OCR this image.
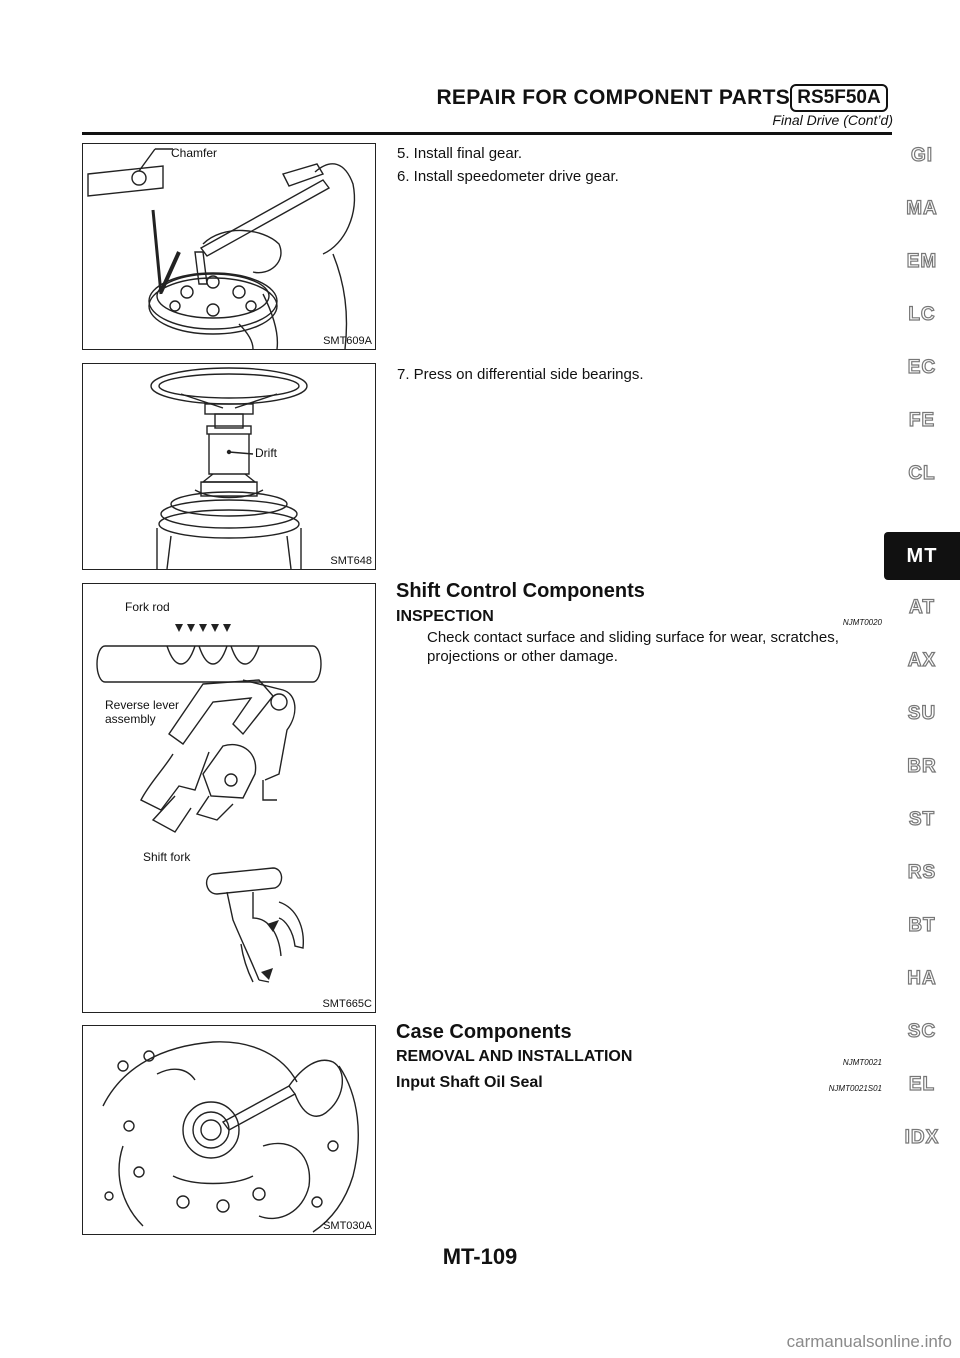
REPAIR FOR COMPONENT PARTS RS5F50A
Final Drive (Cont’d)
Chamfer
SMT609A
Drift
SMT648
Fork rod
Reverse lever
assembly
Shift fork
SMT665C
SMT030A
5. Install final gear.
6. Install speedometer drive gear.
7. Press on differential side bearings.
Shift Control Components
INSPECTION	NJMT0020
Check contact surface and sliding surface for wear, scratches, projections or other damage.
Case Components
REMOVAL AND INSTALLATION	NJMT0021
Input Shaft Oil Seal	NJMT0021S01
GI
MA
EM
LC
EC
FE
CL
MT
AT
AX
SU
BR
ST
RS
BT
HA
SC
EL
IDX
MT-109
carmanualsonline.info
